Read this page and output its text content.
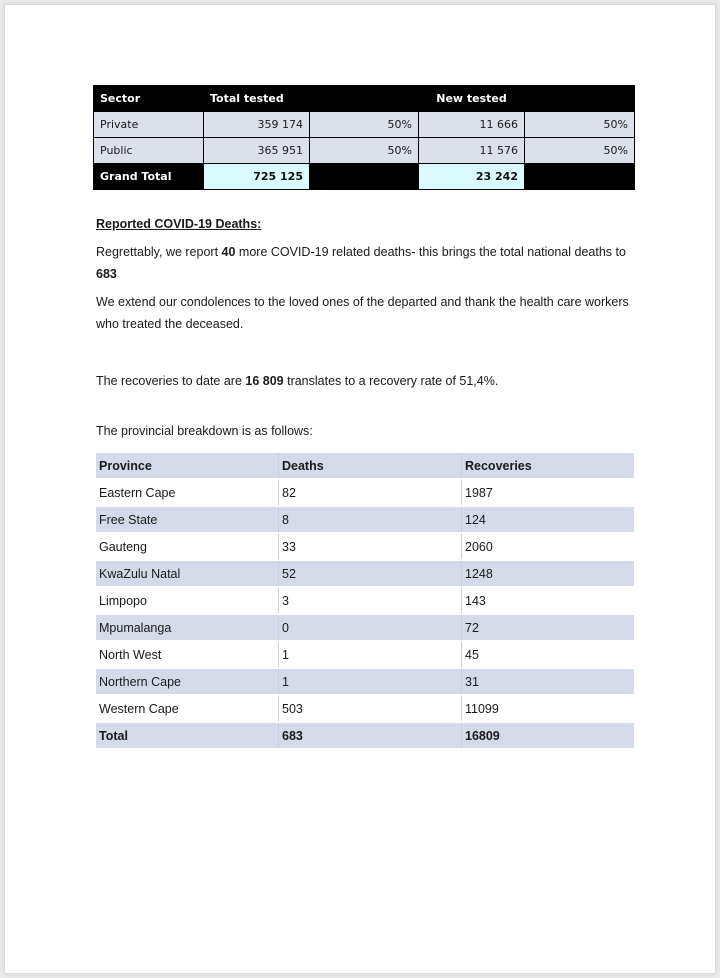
Sector	Total tested		New tested	
Private	359 174	50%	11 666	50%
Public	365 951	50%	11 576	50%
Grand Total	725 125		23 242	
Reported COVID-19 Deaths:
Regrettably, we report 40 more COVID-19 related deaths- this brings the total national deaths to 683
We extend our condolences to the loved ones of the departed and thank the health care workers who treated the deceased.
The recoveries to date are 16 809 translates to a recovery rate of 51,4%.
The provincial breakdown is as follows:
Province	Deaths	Recoveries
Eastern Cape	82	1987
Free State	8	124
Gauteng	33	2060
KwaZulu Natal	52	1248
Limpopo	3	143
Mpumalanga	0	72
North West	1	45
Northern Cape	1	31
Western Cape	503	11099
Total	683	16809
